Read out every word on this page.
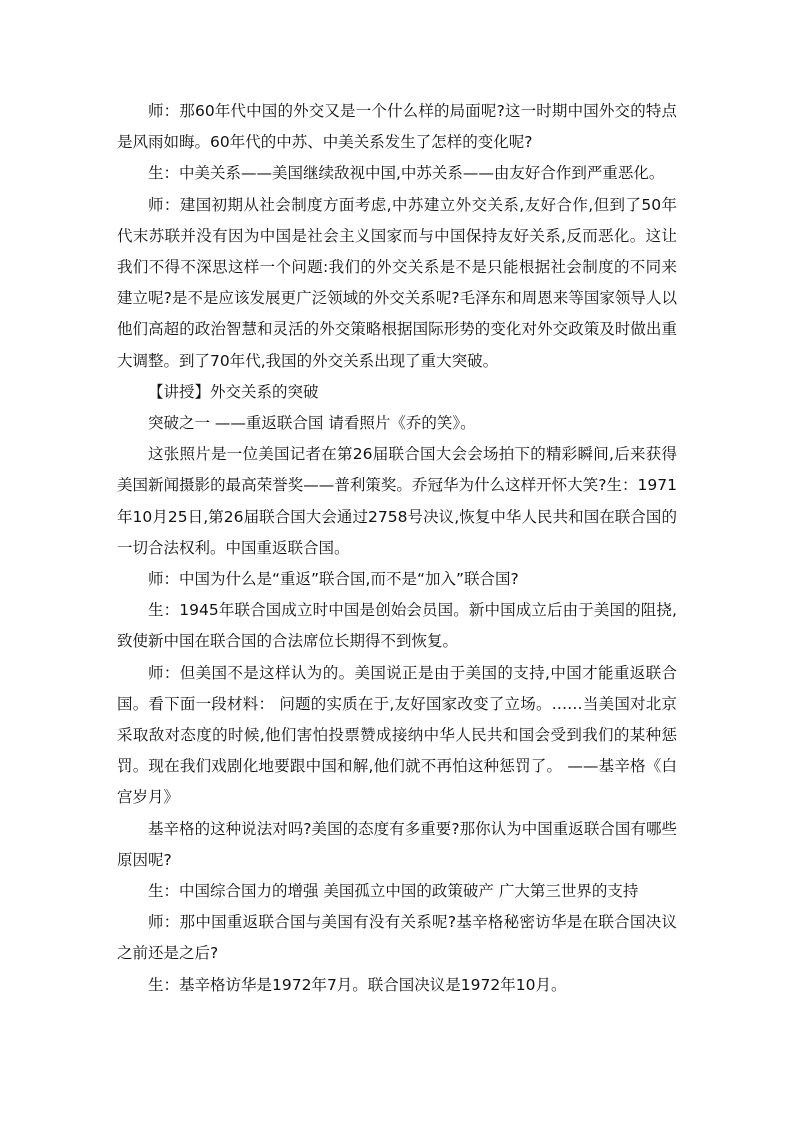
师：那60年代中国的外交又是一个什么样的局面呢?这一时期中国外交的特点是风雨如晦。60年代的中苏、中美关系发生了怎样的变化呢?

生：中美关系——美国继续敌视中国,中苏关系——由友好合作到严重恶化。

师：建国初期从社会制度方面考虑,中苏建立外交关系,友好合作,但到了50年代末苏联并没有因为中国是社会主义国家而与中国保持友好关系,反而恶化。这让我们不得不深思这样一个问题:我们的外交关系是不是只能根据社会制度的不同来建立呢?是不是应该发展更广泛领域的外交关系呢?毛泽东和周恩来等国家领导人以他们高超的政治智慧和灵活的外交策略根据国际形势的变化对外交政策及时做出重大调整。到了70年代,我国的外交关系出现了重大突破。

【讲授】外交关系的突破

突破之一 ——重返联合国 请看照片《乔的笑》。

这张照片是一位美国记者在第26届联合国大会会场拍下的精彩瞬间,后来获得美国新闻摄影的最高荣誉奖——普利策奖。乔冠华为什么这样开怀大笑?生：1971年10月25日,第26届联合国大会通过2758号决议,恢复中华人民共和国在联合国的一切合法权利。中国重返联合国。

师：中国为什么是“重返”联合国,而不是“加入”联合国?

生：1945年联合国成立时中国是创始会员国。新中国成立后由于美国的阻挠,致使新中国在联合国的合法席位长期得不到恢复。

师：但美国不是这样认为的。美国说正是由于美国的支持,中国才能重返联合国。看下面一段材料： 问题的实质在于,友好国家改变了立场。……当美国对北京采取敌对态度的时候,他们害怕投票赞成接纳中华人民共和国会受到我们的某种惩罚。现在我们戏剧化地要跟中国和解,他们就不再怕这种惩罚了。 ——基辛格《白宫岁月》

基辛格的这种说法对吗?美国的态度有多重要?那你认为中国重返联合国有哪些原因呢?

生：中国综合国力的增强 美国孤立中国的政策破产 广大第三世界的支持

师：那中国重返联合国与美国有没有关系呢?基辛格秘密访华是在联合国决议之前还是之后?

生：基辛格访华是1972年7月。联合国决议是1972年10月。
